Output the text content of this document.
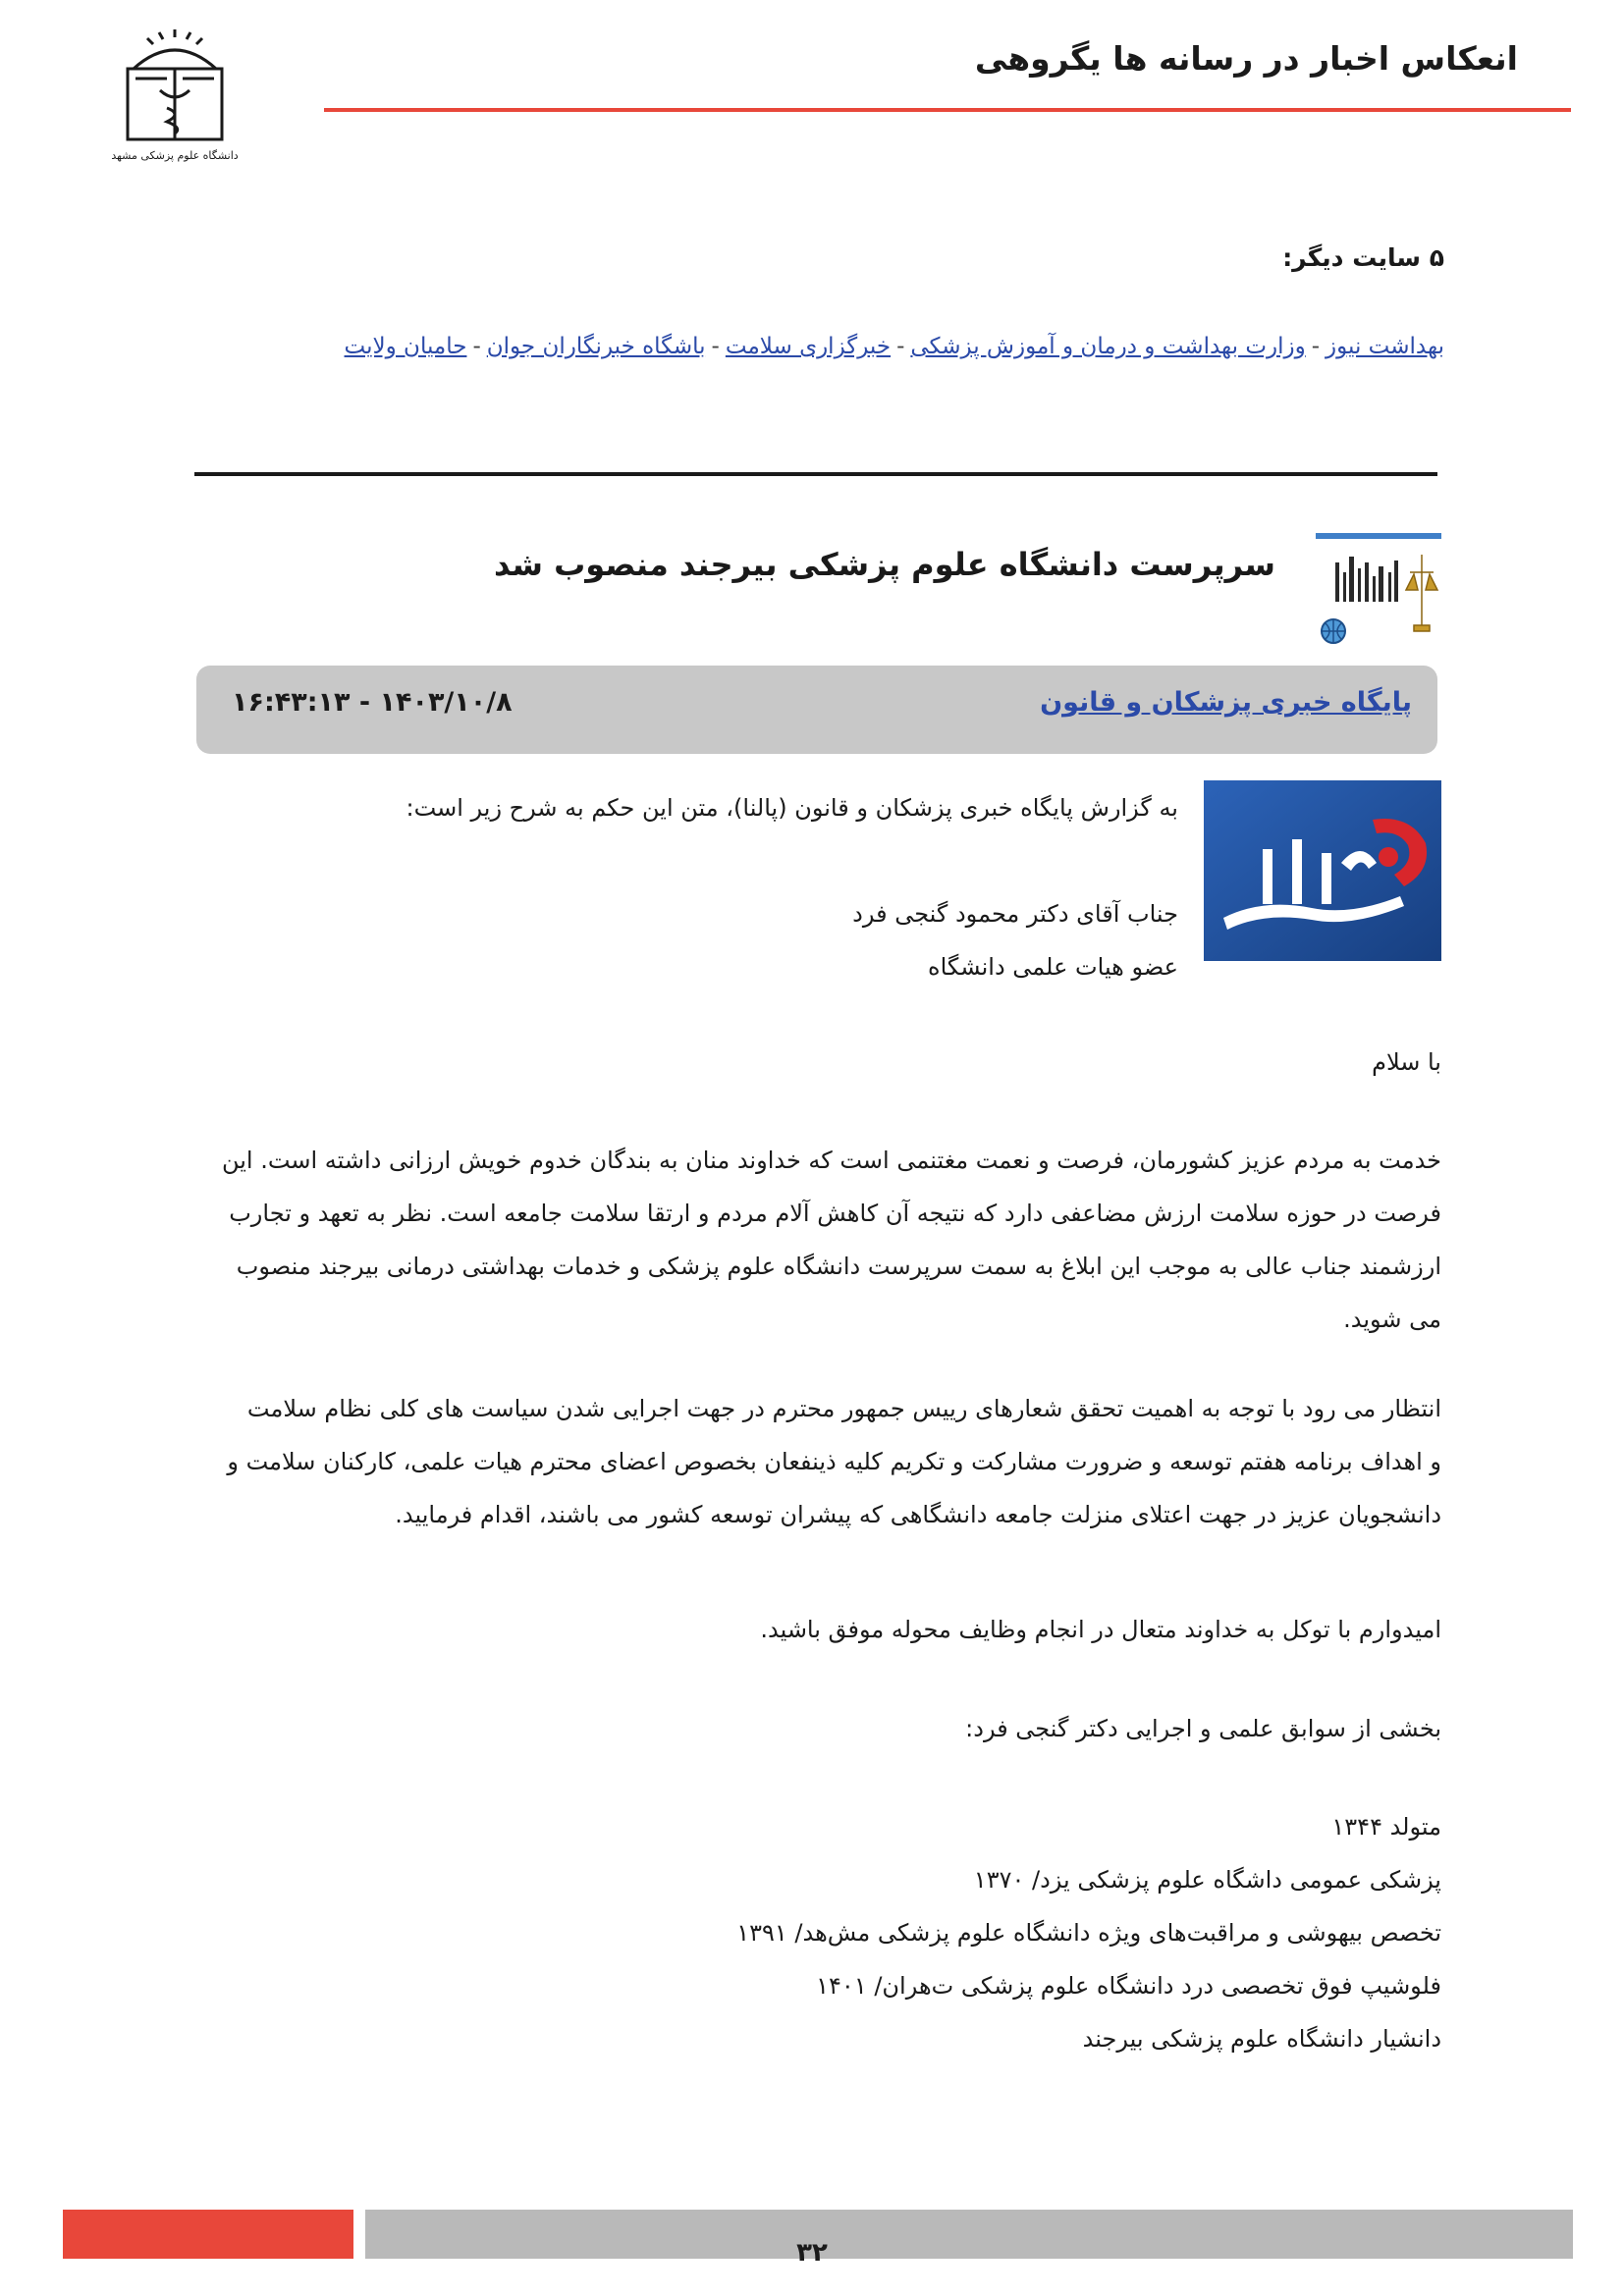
انعکاس اخبار در رسانه ها یگروهی
دانشگاه علوم پزشکی مشهد
۵ سایت دیگر:
بهداشت نیوز-وزارت بهداشت و درمان و آموزش پزشکی-خبرگزاری سلامت-باشگاه خبرنگاران جوان-حامیان ولایت
سرپرست دانشگاه علوم پزشکی بیرجند منصوب شد
پایگاه خبری پزشکان و قانون
۱۴۰۳/۱۰/۸ - ۱۶:۴۳:۱۳
به گزارش پایگاه خبری پزشکان و قانون (پالنا)، متن این حکم به شرح زیر است:
جناب آقای دکتر محمود گنجی فرد
عضو هیات علمی دانشگاه
با سلام
خدمت به مردم عزیز کشورمان، فرصت و نعمت مغتنمی است که خداوند منان به بندگان خدوم خویش ارزانی داشته است. این
فرصت در حوزه سلامت ارزش مضاعفی دارد که نتیجه آن کاهش آلام مردم و ارتقا سلامت جامعه است. نظر به تعهد و تجارب
ارزشمند جناب عالی به موجب این ابلاغ به سمت سرپرست دانشگاه علوم پزشکی و خدمات بهداشتی درمانی بیرجند منصوب
می شوید.
انتظار می رود با توجه به اهمیت تحقق شعارهای رییس جمهور محترم در جهت اجرایی شدن سیاست های کلی نظام سلامت
و اهداف برنامه هفتم توسعه و ضرورت مشارکت و تکریم کلیه ذینفعان بخصوص اعضای محترم هیات علمی، کارکنان سلامت و
دانشجویان عزیز در جهت اعتلای منزلت جامعه دانشگاهی که پیشران توسعه کشور می باشند، اقدام فرمایید.
امیدوارم با توکل به خداوند متعال در انجام وظایف محوله موفق باشید.
بخشی از سوابق علمی و اجرایی دکتر گنجی فرد:
متولد ۱۳۴۴
پزشکی عمومی داشگاه علوم پزشکی یزد/ ۱۳۷۰
تخصص بیهوشی و مراقبت‌های ویژه دانشگاه علوم پزشکی مش‌هد/ ۱۳۹۱
فلوشیپ فوق تخصصی درد دانشگاه علوم پزشکی ت‌هران/ ۱۴۰۱
دانشیار دانشگاه علوم پزشکی بیرجند
۳۲
